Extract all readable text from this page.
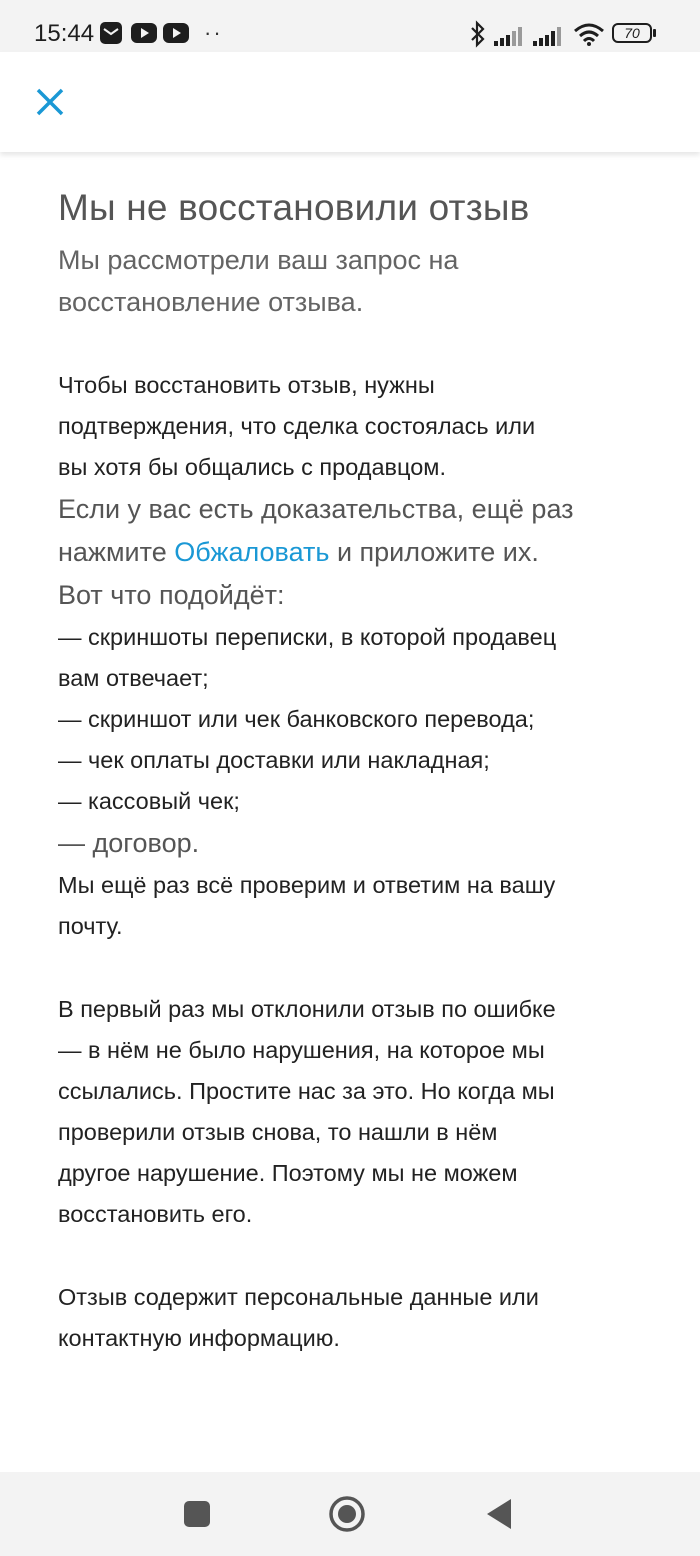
15:44	··	70
Мы не восстановили отзыв
Мы рассмотрели ваш запрос на
восстановление отзыва.

Чтобы восстановить отзыв, нужны

подтверждения, что сделка состоялась или

вы хотя бы общались с продавцом.

Если у вас есть доказательства, ещё раз

нажмите Обжаловать и приложите их.

Вот что подойдёт:

— скриншоты переписки, в которой продавец

вам отвечает;

— скриншот или чек банковского перевода;

— чек оплаты доставки или накладная;

— кассовый чек;

— договор.

Мы ещё раз всё проверим и ответим на вашу

почту.

В первый раз мы отклонили отзыв по ошибке

— в нём не было нарушения, на которое мы

ссылались. Простите нас за это. Но когда мы

проверили отзыв снова, то нашли в нём

другое нарушение. Поэтому мы не можем

восстановить его.

Отзыв содержит персональные данные или

контактную информацию.
